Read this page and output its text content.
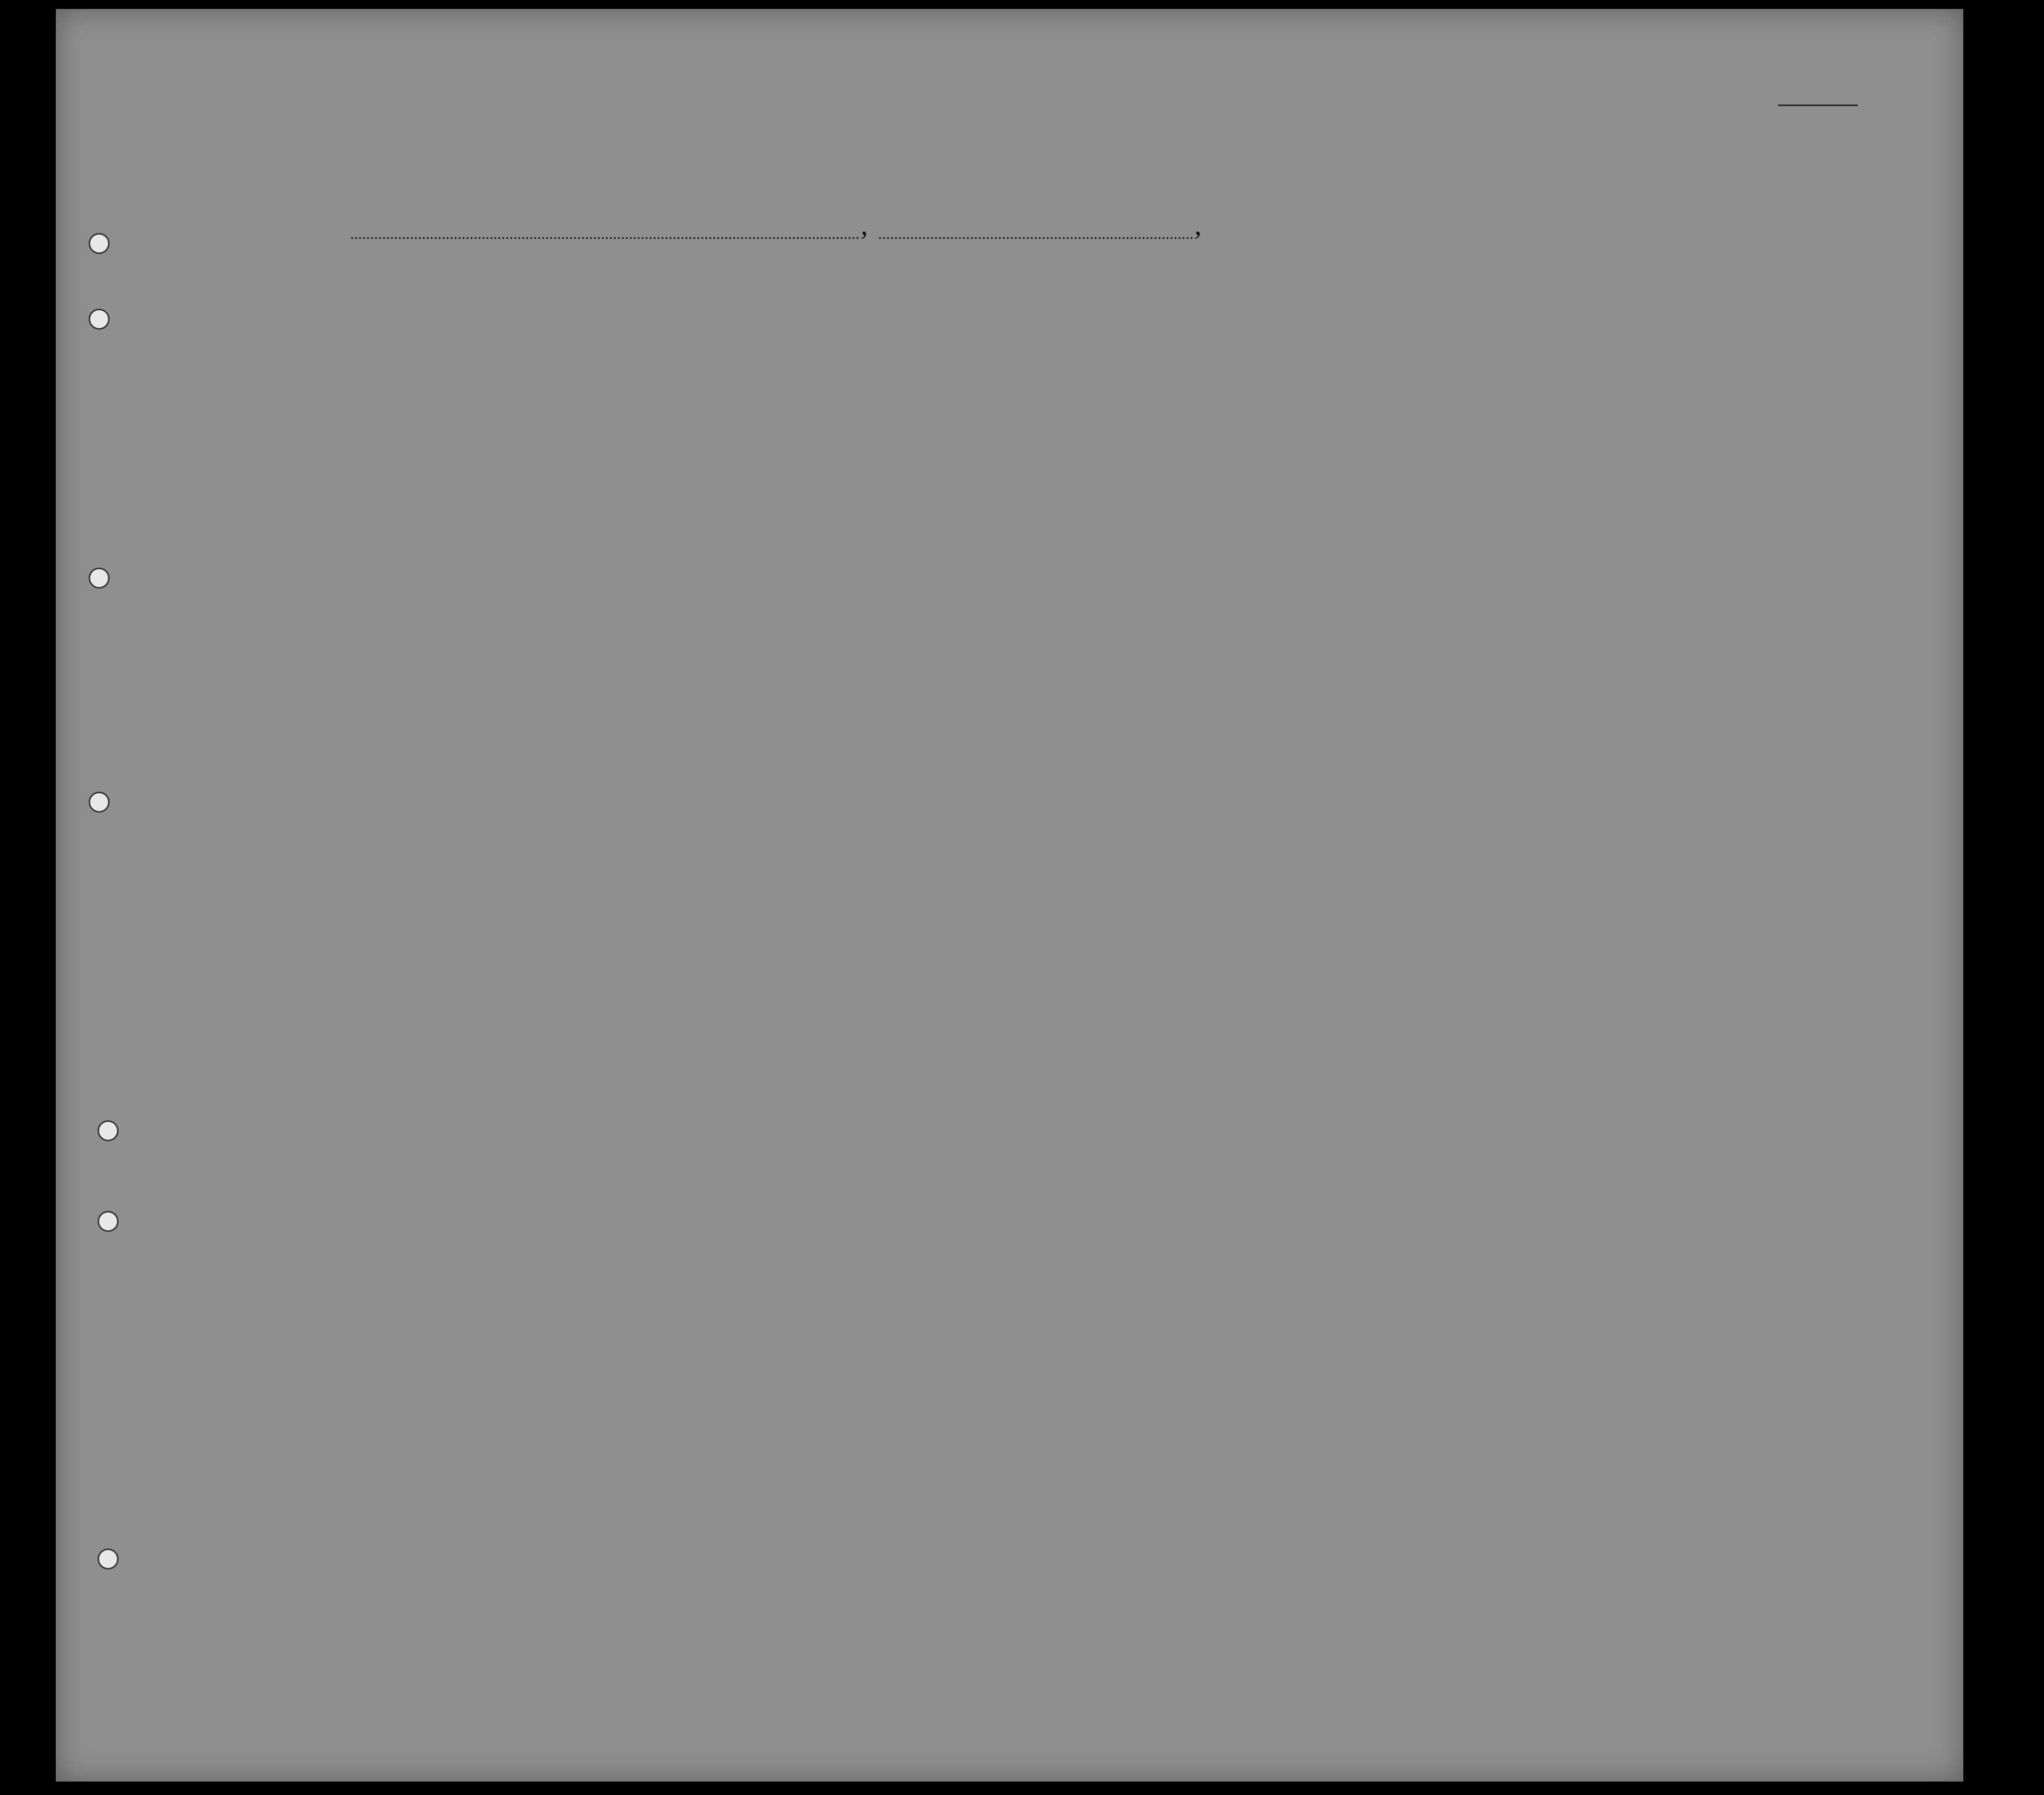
,	,
